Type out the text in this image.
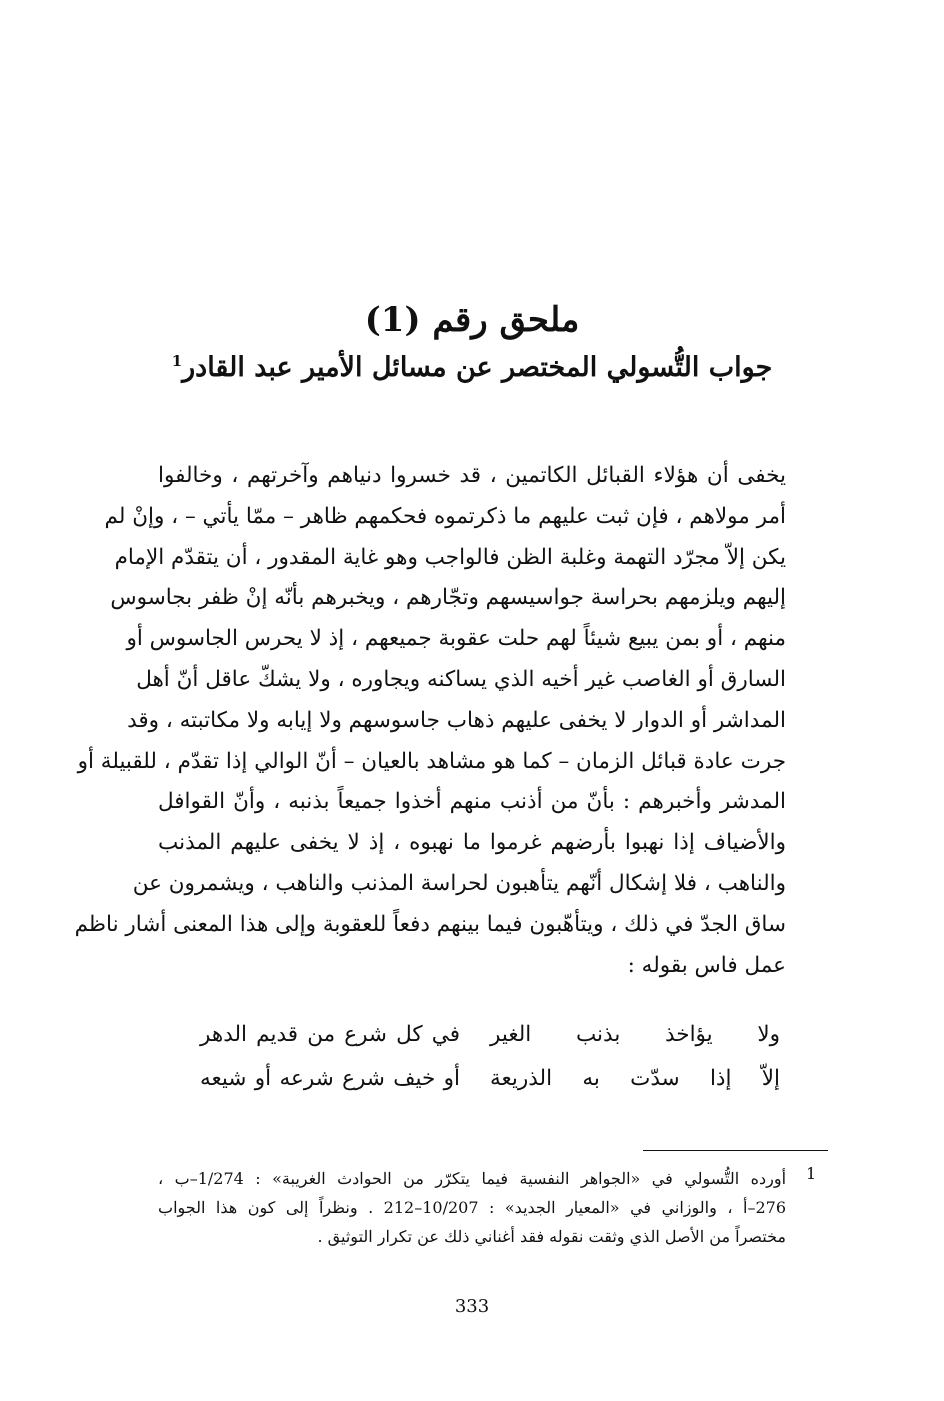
ملحق رقم (1)
جواب التُّسولي المختصر عن مسائل الأمير عبد القادر$^1$
يخفى أن هؤلاء القبائل الكاتمين ، قد خسروا دنياهم وآخرتهم ، وخالفوا
أمر مولاهم ، فإن ثبت عليهم ما ذكرتموه فحكمهم ظاهر – ممّا يأتي – ، وإنْ لم
يكن إلاّ مجرّد التهمة وغلبة الظن فالواجب وهو غاية المقدور ، أن يتقدّم الإمام
إليهم ويلزمهم بحراسة جواسيسهم وتجّارهم ، ويخبرهم بأنّه إنْ ظفر بجاسوس
منهم ، أو بمن يبيع شيئاً لهم حلت عقوبة جميعهم ، إذ لا يحرس الجاسوس أو
السارق أو الغاصب غير أخيه الذي يساكنه ويجاوره ، ولا يشكّ عاقل أنّ أهل
المداشر أو الدوار لا يخفى عليهم ذهاب جاسوسهم ولا إيابه ولا مكاتبته ، وقد
جرت عادة قبائل الزمان – كما هو مشاهد بالعيان – أنّ الوالي إذا تقدّم ، للقبيلة أو
المدشر وأخبرهم : بأنّ من أذنب منهم أخذوا جميعاً بذنبه ، وأنّ القوافل
والأضياف إذا نهبوا بأرضهم غرموا ما نهبوه ، إذ لا يخفى عليهم المذنب
والناهب ، فلا إشكال أنّهم يتأهبون لحراسة المذنب والناهب ، ويشمرون عن
ساق الجدّ في ذلك ، ويتأهّبون فيما بينهم دفعاً للعقوبة وإلى هذا المعنى أشار ناظم
عمل فاس بقوله :
ولا يؤاخذ بذنب الغير
في كل شرع من قديم الدهر
إلاّ إذا سدّت به الذريعة
أو خيف شرع شرعه أو شيعه
1
أورده التُّسولي في «الجواهر النفسية فيما يتكرّر من الحوادث الغريبة» : 1/274–ب ،
276–أ ، والوزاني في «المعيار الجديد» : 10/207–212 . ونظراً إلى كون هذا الجواب
مختصراً من الأصل الذي وثقت نقوله فقد أغناني ذلك عن تكرار التوثيق .
333
